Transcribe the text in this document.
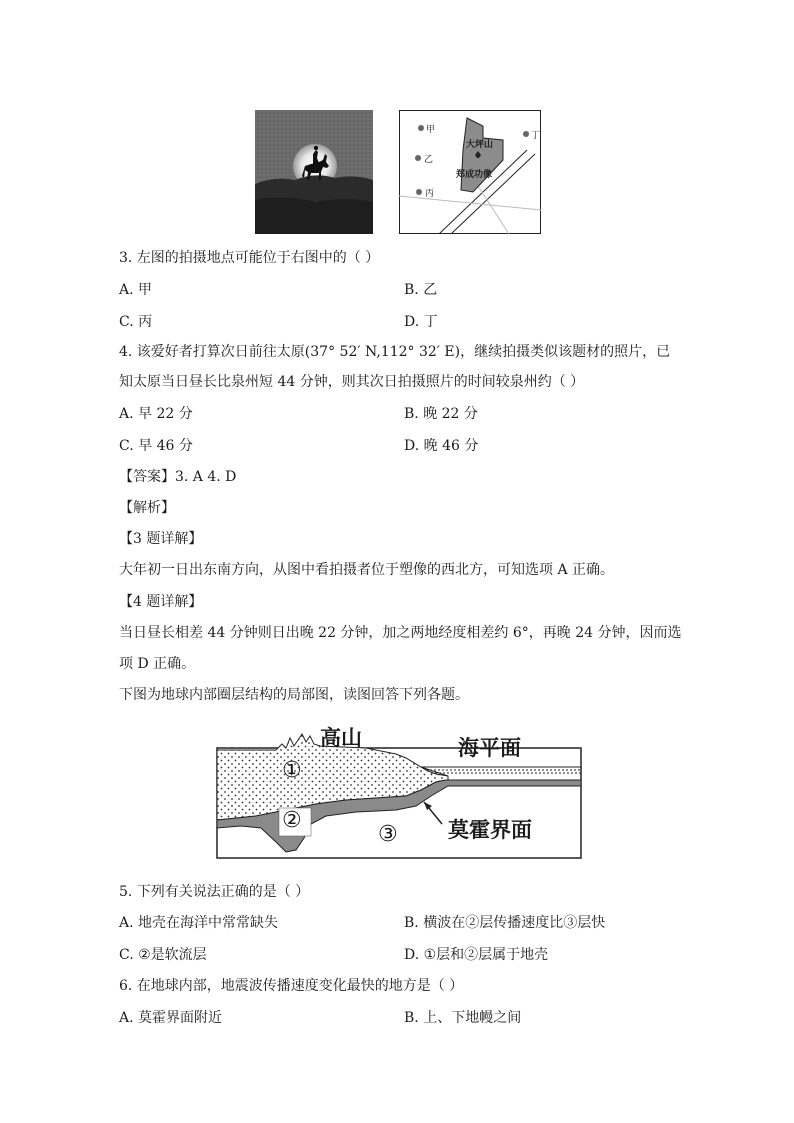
甲
乙
丙
丁
大坪山
郑成功像
3. 左图的拍摄地点可能位于右图中的（ ）
A. 甲	B. 乙
C. 丙	D. 丁
4. 该爱好者打算次日前往太原(37° 52′ N,112° 32′ E)，继续拍摄类似该题材的照片，已
知太原当日昼长比泉州短 44 分钟，则其次日拍摄照片的时间较泉州约（ ）
A. 早 22 分	B. 晚 22 分
C. 早 46 分	D. 晚 46 分
【答案】3. A 4. D
【解析】
【3 题详解】
大年初一日出东南方向，从图中看拍摄者位于塑像的西北方，可知选项 A 正确。
【4 题详解】
当日昼长相差 44 分钟则日出晚 22 分钟，加之两地经度相差约 6°，再晚 24 分钟，因而选
项 D 正确。
下图为地球内部圈层结构的局部图，读图回答下列各题。
高山	海平面
莫霍界面
①
②
③
5. 下列有关说法正确的是（ ）
A. 地壳在海洋中常常缺失	B. 横波在②层传播速度比③层快
C. ②是软流层	D. ①层和②层属于地壳
6. 在地球内部，地震波传播速度变化最快的地方是（ ）
A. 莫霍界面附近	B. 上、下地幔之间
